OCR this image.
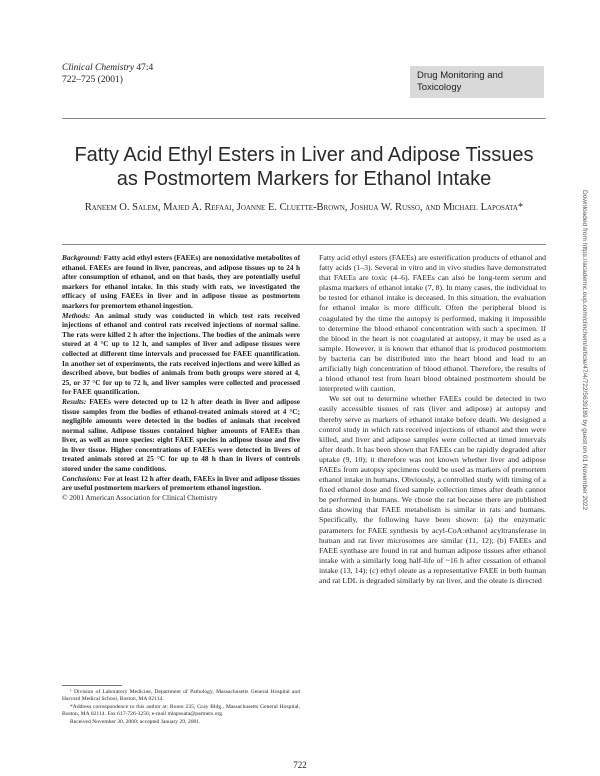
Clinical Chemistry 47:4
722–725 (2001)	Drug Monitoring and Toxicology
Fatty Acid Ethyl Esters in Liver and Adipose Tissues as Postmortem Markers for Ethanol Intake
Raneem O. Salem, Majed A. Refaai, Joanne E. Cluette-Brown, Joshua W. Russo, and Michael Laposata*

Background: Fatty acid ethyl esters (FAEEs) are nonoxidative metabolites of ethanol. FAEEs are found in liver, pancreas, and adipose tissues up to 24 h after consumption of ethanol, and on that basis, they are potentially useful markers for ethanol intake. In this study with rats, we investigated the efficacy of using FAEEs in liver and in adipose tissue as postmortem markers for premortem ethanol ingestion.

Methods: An animal study was conducted in which test rats received injections of ethanol and control rats received injections of normal saline. The rats were killed 2 h after the injections. The bodies of the animals were stored at 4 °C up to 12 h, and samples of liver and adipose tissues were collected at different time intervals and processed for FAEE quantification. In another set of experiments, the rats received injections and were killed as described above, but bodies of animals from both groups were stored at 4, 25, or 37 °C for up to 72 h, and liver samples were collected and processed for FAEE quantification.

Results: FAEEs were detected up to 12 h after death in liver and adipose tissue samples from the bodies of ethanol-treated animals stored at 4 °C; negligible amounts were detected in the bodies of animals that received normal saline. Adipose tissues contained higher amounts of FAEEs than liver, as well as more species: eight FAEE species in adipose tissue and five in liver tissue. Higher concentrations of FAEEs were detected in livers of treated animals stored at 25 °C for up to 48 h than in livers of controls stored under the same conditions.

Conclusions: For at least 12 h after death, FAEEs in liver and adipose tissues are useful postmortem markers of premortem ethanol ingestion.

© 2001 American Association for Clinical Chemistry

¹ Division of Laboratory Medicine, Department of Pathology, Massachusetts General Hospital and Harvard Medical School, Boston, MA 02114.

*Address correspondence to this author at: Room 235, Gray Bldg., Massachusetts General Hospital, Boston, MA 02114. Fax 617-726-3256; e-mail mlaposata@partners.org.

Received November 30, 2000; accepted January 29, 2001.

Fatty acid ethyl esters (FAEEs) are esterification products of ethanol and fatty acids (1–3). Several in vitro and in vivo studies have demonstrated that FAEEs are toxic (4–6). FAEEs can also be long-term serum and plasma markers of ethanol intake (7, 8). In many cases, the individual to be tested for ethanol intake is deceased. In this situation, the evaluation for ethanol intake is more difficult. Often the peripheral blood is coagulated by the time the autopsy is performed, making it impossible to determine the blood ethanol concentration with such a specimen. If the blood in the heart is not coagulated at autopsy, it may be used as a sample. However, it is known that ethanol that is produced postmortem by bacteria can be distributed into the heart blood and lead to an artificially high concentration of blood ethanol. Therefore, the results of a blood ethanol test from heart blood obtained postmortem should be interpreted with caution.

We set out to determine whether FAEEs could be detected in two easily accessible tissues of rats (liver and adipose) at autopsy and thereby serve as markers of ethanol intake before death. We designed a control study in which rats received injections of ethanol and then were killed, and liver and adipose samples were collected at timed intervals after death. It has been shown that FAEEs can be rapidly degraded after uptake (9, 10); it therefore was not known whether liver and adipose FAEEs from autopsy specimens could be used as markers of premortem ethanol intake in humans. Obviously, a controlled study with timing of a fixed ethanol dose and fixed sample collection times after death cannot be performed in humans. We chose the rat because there are published data showing that FAEE metabolism is similar in rats and humans. Specifically, the following have been shown: (a) the enzymatic parameters for FAEE synthesis by acyl-CoA:ethanol acyltransferase in human and rat liver microsomes are similar (11, 12); (b) FAEEs and FAEE synthase are found in rat and human adipose tissues after ethanol intake with a similarly long half-life of ~16 h after cessation of ethanol intake (13, 14); (c) ethyl oleate as a representative FAEE in both human and rat LDL is degraded similarly by rat liver, and the oleate is directed

722
Downloaded from https://academic.oup.com/clinchem/article/47/4/722/5639189 by guest on 01 November 2022
